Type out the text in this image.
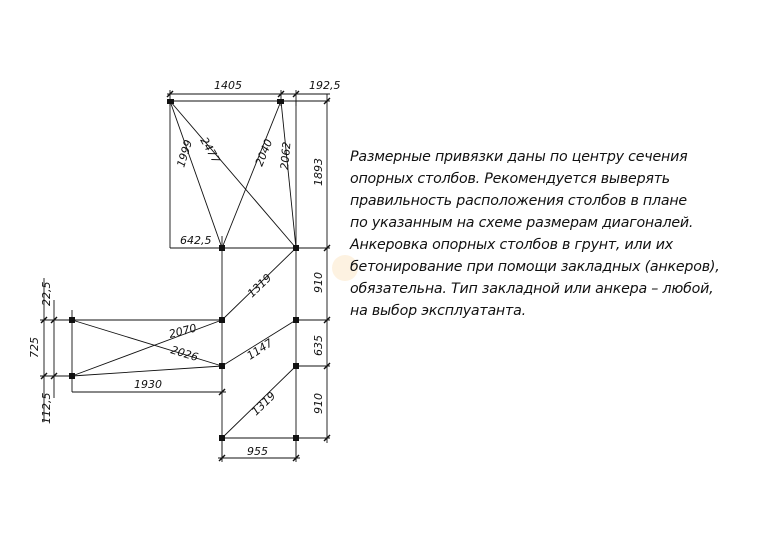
1405	192,5
1999 2477	2040 2062
1893
642,5
1319	910
22,5
725
2070
2026	1147	635
1930
112,5	1319	910
955

Размерные привязки даны по центру сечения

опорных столбов. Рекомендуется выверять

правильность расположения столбов в плане

по указанным на схеме размерам диагоналей.

Анкеровка опорных столбов в грунт, или их

бетонирование при помощи закладных (анкеров),

обязательна. Тип закладной или анкера – любой,

на выбор эксплуатанта.
